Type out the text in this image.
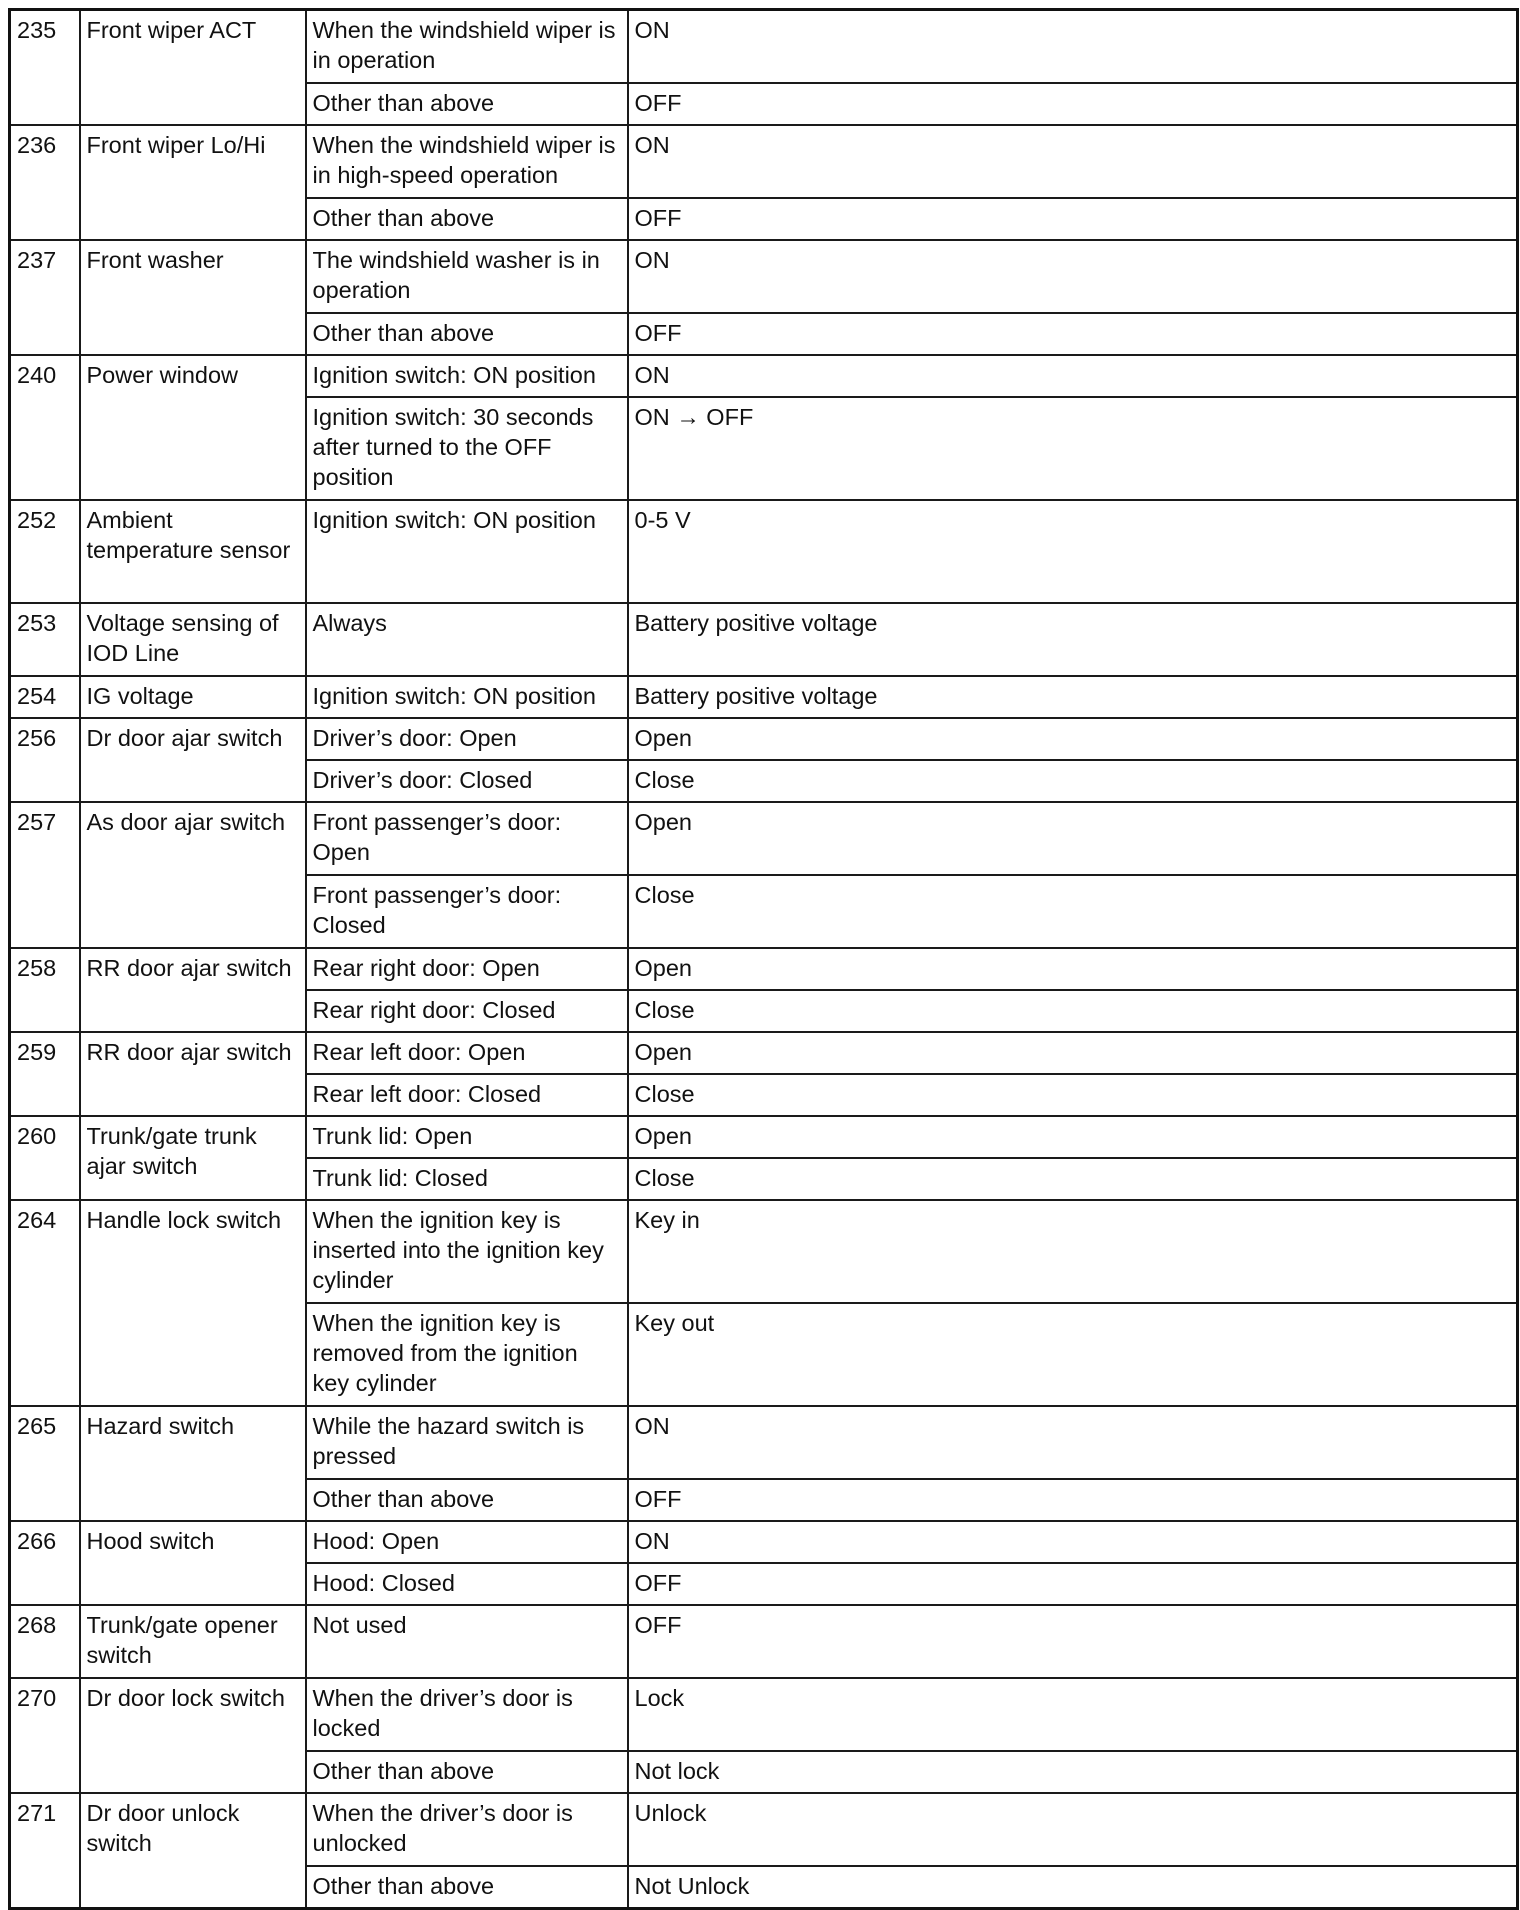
235	Front wiper ACT	When the windshield wiper is in operation	ON
		Other than above	OFF
236	Front wiper Lo/Hi	When the windshield wiper is in high-speed operation	ON
		Other than above	OFF
237	Front washer	The windshield washer is in operation	ON
		Other than above	OFF
240	Power window	Ignition switch: ON position	ON
		Ignition switch: 30 seconds after turned to the OFF position	ON → OFF
252	Ambient temperature sensor	Ignition switch: ON position	0-5 V
253	Voltage sensing of IOD Line	Always	Battery positive voltage
254	IG voltage	Ignition switch: ON position	Battery positive voltage
256	Dr door ajar switch	Driver’s door: Open	Open
		Driver’s door: Closed	Close
257	As door ajar switch	Front passenger’s door: Open	Open
		Front passenger’s door: Closed	Close
258	RR door ajar switch	Rear right door: Open	Open
		Rear right door: Closed	Close
259	RR door ajar switch	Rear left door: Open	Open
		Rear left door: Closed	Close
260	Trunk/gate trunk ajar switch	Trunk lid: Open	Open
		Trunk lid: Closed	Close
264	Handle lock switch	When the ignition key is inserted into the ignition key cylinder	Key in
		When the ignition key is removed from the ignition key cylinder	Key out
265	Hazard switch	While the hazard switch is pressed	ON
		Other than above	OFF
266	Hood switch	Hood: Open	ON
		Hood: Closed	OFF
268	Trunk/gate opener switch	Not used	OFF
270	Dr door lock switch	When the driver’s door is locked	Lock
		Other than above	Not lock
271	Dr door unlock switch	When the driver’s door is unlocked	Unlock
		Other than above	Not Unlock
